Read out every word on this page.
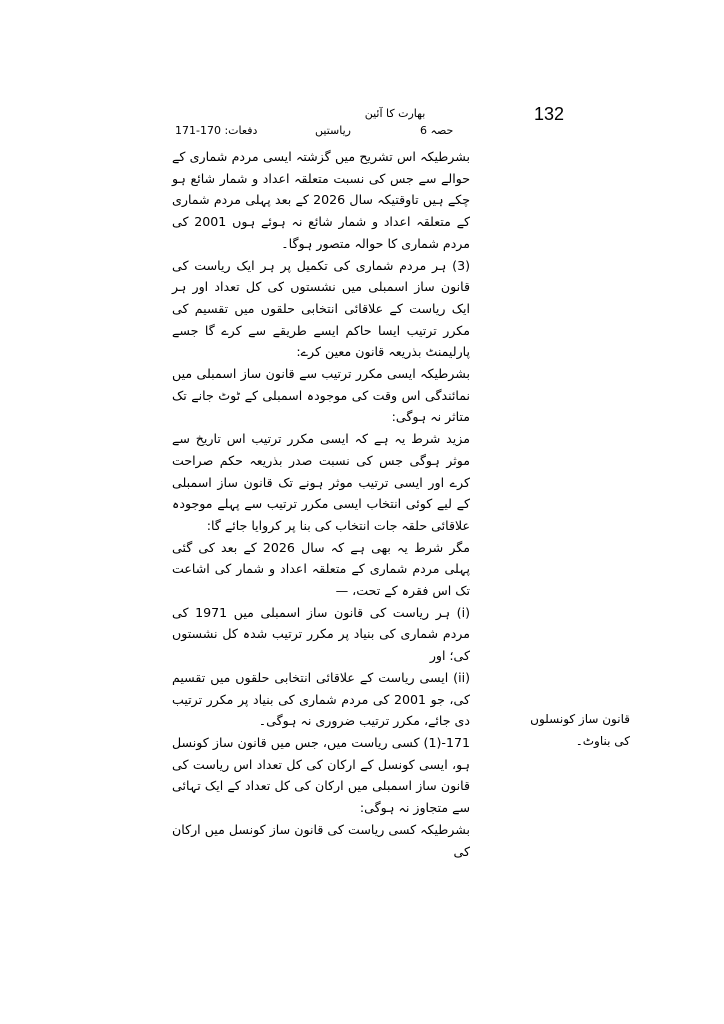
132
بھارت کا آئین
دفعات: 170-171	ریاستیں	حصہ 6

بشرطیکہ اس تشریح میں گزشتہ ایسی مردم شماری کے حوالے سے جس کی نسبت متعلقہ اعداد و شمار شائع ہو چکے ہیں تاوقتیکہ سال 2026 کے بعد پہلی مردم شماری کے متعلقہ اعداد و شمار شائع نہ ہوئے ہوں 2001 کی مردم شماری کا حوالہ متصور ہوگا۔

(3) ہر مردم شماری کی تکمیل پر ہر ایک ریاست کی قانون ساز اسمبلی میں نشستوں کی کل تعداد اور ہر ایک ریاست کے علاقائی انتخابی حلقوں میں تقسیم کی مکرر ترتیب ایسا حاکم ایسے طریقے سے کرے گا جسے پارلیمنٹ بذریعہ قانون معین کرے:

بشرطیکہ ایسی مکرر ترتیب سے قانون ساز اسمبلی میں نمائندگی اس وقت کی موجودہ اسمبلی کے ٹوٹ جانے تک متاثر نہ ہوگی:

مزید شرط یہ ہے کہ ایسی مکرر ترتیب اس تاریخ سے موثر ہوگی جس کی نسبت صدر بذریعہ حکم صراحت کرے اور ایسی ترتیب موثر ہونے تک قانون ساز اسمبلی کے لیے کوئی انتخاب ایسی مکرر ترتیب سے پہلے موجودہ علاقائی حلقہ جات انتخاب کی بنا پر کروایا جائے گا:

مگر شرط یہ بھی ہے کہ سال 2026 کے بعد کی گئی پہلی مردم شماری کے متعلقہ اعداد و شمار کی اشاعت تک اس فقرہ کے تحت، —

(i) ہر ریاست کی قانون ساز اسمبلی میں 1971 کی مردم شماری کی بنیاد پر مکرر ترتیب شدہ کل نشستوں کی؛ اور

(ii) ایسی ریاست کے علاقائی انتخابی حلقوں میں تقسیم کی، جو 2001 کی مردم شماری کی بنیاد پر مکرر ترتیب دی جائے، مکرر ترتیب ضروری نہ ہوگی۔

171-(1) کسی ریاست میں، جس میں قانون ساز کونسل ہو، ایسی کونسل کے ارکان کی کل تعداد اس ریاست کی قانون ساز اسمبلی میں ارکان کی کل تعداد کے ایک تہائی سے متجاوز نہ ہوگی:

بشرطیکہ کسی ریاست کی قانون ساز کونسل میں ارکان کی

قانون ساز کونسلوں کی بناوٹ۔
